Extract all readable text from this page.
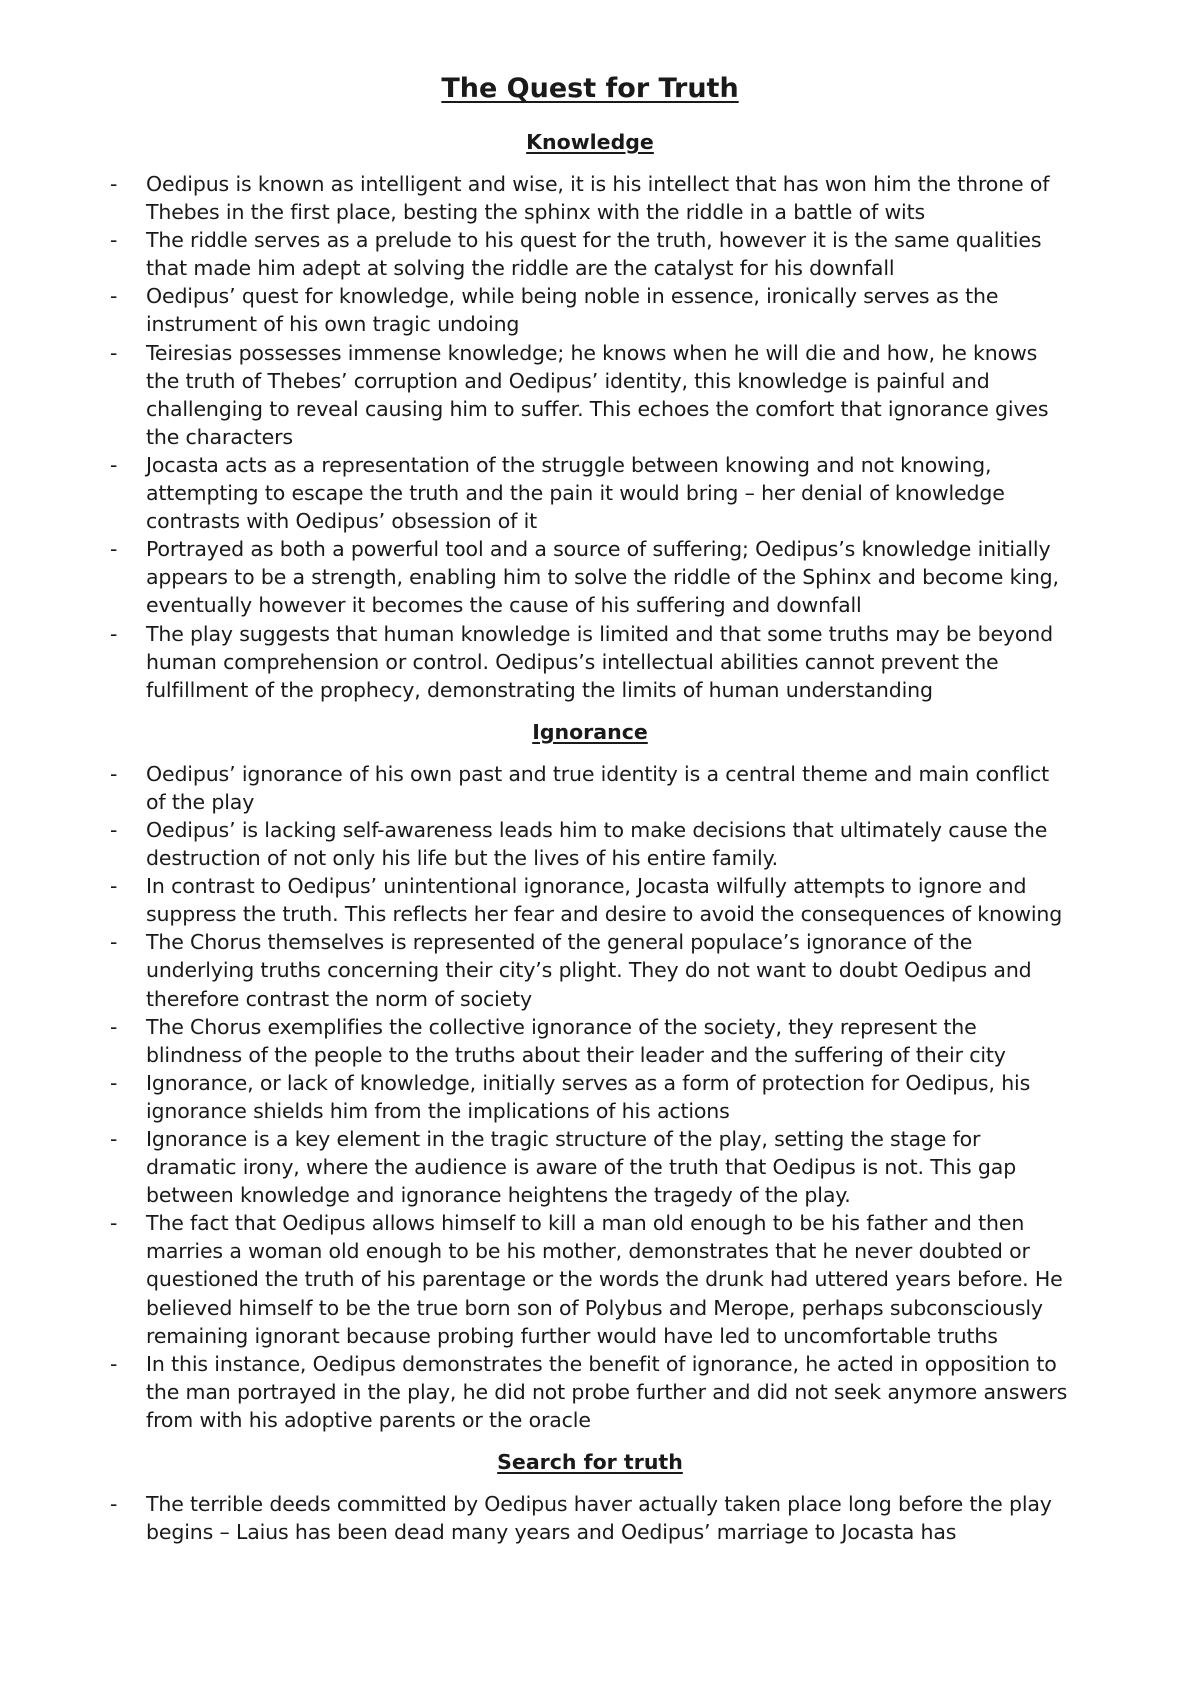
The Quest for Truth
Knowledge
-	Oedipus is known as intelligent and wise, it is his intellect that has won him the throne of Thebes in the first place, besting the sphinx with the riddle in a battle of wits
-	The riddle serves as a prelude to his quest for the truth, however it is the same qualities that made him adept at solving the riddle are the catalyst for his downfall
-	Oedipus’ quest for knowledge, while being noble in essence, ironically serves as the instrument of his own tragic undoing
-	Teiresias possesses immense knowledge; he knows when he will die and how, he knows the truth of Thebes’ corruption and Oedipus’ identity, this knowledge is painful and challenging to reveal causing him to suffer. This echoes the comfort that ignorance gives the characters
-	Jocasta acts as a representation of the struggle between knowing and not knowing, attempting to escape the truth and the pain it would bring – her denial of knowledge contrasts with Oedipus’ obsession of it
-	Portrayed as both a powerful tool and a source of suffering; Oedipus’s knowledge initially appears to be a strength, enabling him to solve the riddle of the Sphinx and become king, eventually however it becomes the cause of his suffering and downfall
-	The play suggests that human knowledge is limited and that some truths may be beyond human comprehension or control. Oedipus’s intellectual abilities cannot prevent the fulfillment of the prophecy, demonstrating the limits of human understanding
Ignorance
-	Oedipus’ ignorance of his own past and true identity is a central theme and main conflict of the play
-	Oedipus’ is lacking self-awareness leads him to make decisions that ultimately cause the destruction of not only his life but the lives of his entire family.
-	In contrast to Oedipus’ unintentional ignorance, Jocasta wilfully attempts to ignore and suppress the truth. This reflects her fear and desire to avoid the consequences of knowing
-	The Chorus themselves is represented of the general populace’s ignorance of the underlying truths concerning their city’s plight. They do not want to doubt Oedipus and therefore contrast the norm of society
-	The Chorus exemplifies the collective ignorance of the society, they represent the blindness of the people to the truths about their leader and the suffering of their city
-	Ignorance, or lack of knowledge, initially serves as a form of protection for Oedipus, his ignorance shields him from the implications of his actions
-	Ignorance is a key element in the tragic structure of the play, setting the stage for dramatic irony, where the audience is aware of the truth that Oedipus is not. This gap between knowledge and ignorance heightens the tragedy of the play.
-	The fact that Oedipus allows himself to kill a man old enough to be his father and then marries a woman old enough to be his mother, demonstrates that he never doubted or questioned the truth of his parentage or the words the drunk had uttered years before. He believed himself to be the true born son of Polybus and Merope, perhaps subconsciously remaining ignorant because probing further would have led to uncomfortable truths
-	In this instance, Oedipus demonstrates the benefit of ignorance, he acted in opposition to the man portrayed in the play, he did not probe further and did not seek anymore answers from with his adoptive parents or the oracle
Search for truth
-	The terrible deeds committed by Oedipus haver actually taken place long before the play begins – Laius has been dead many years and Oedipus’ marriage to Jocasta has
